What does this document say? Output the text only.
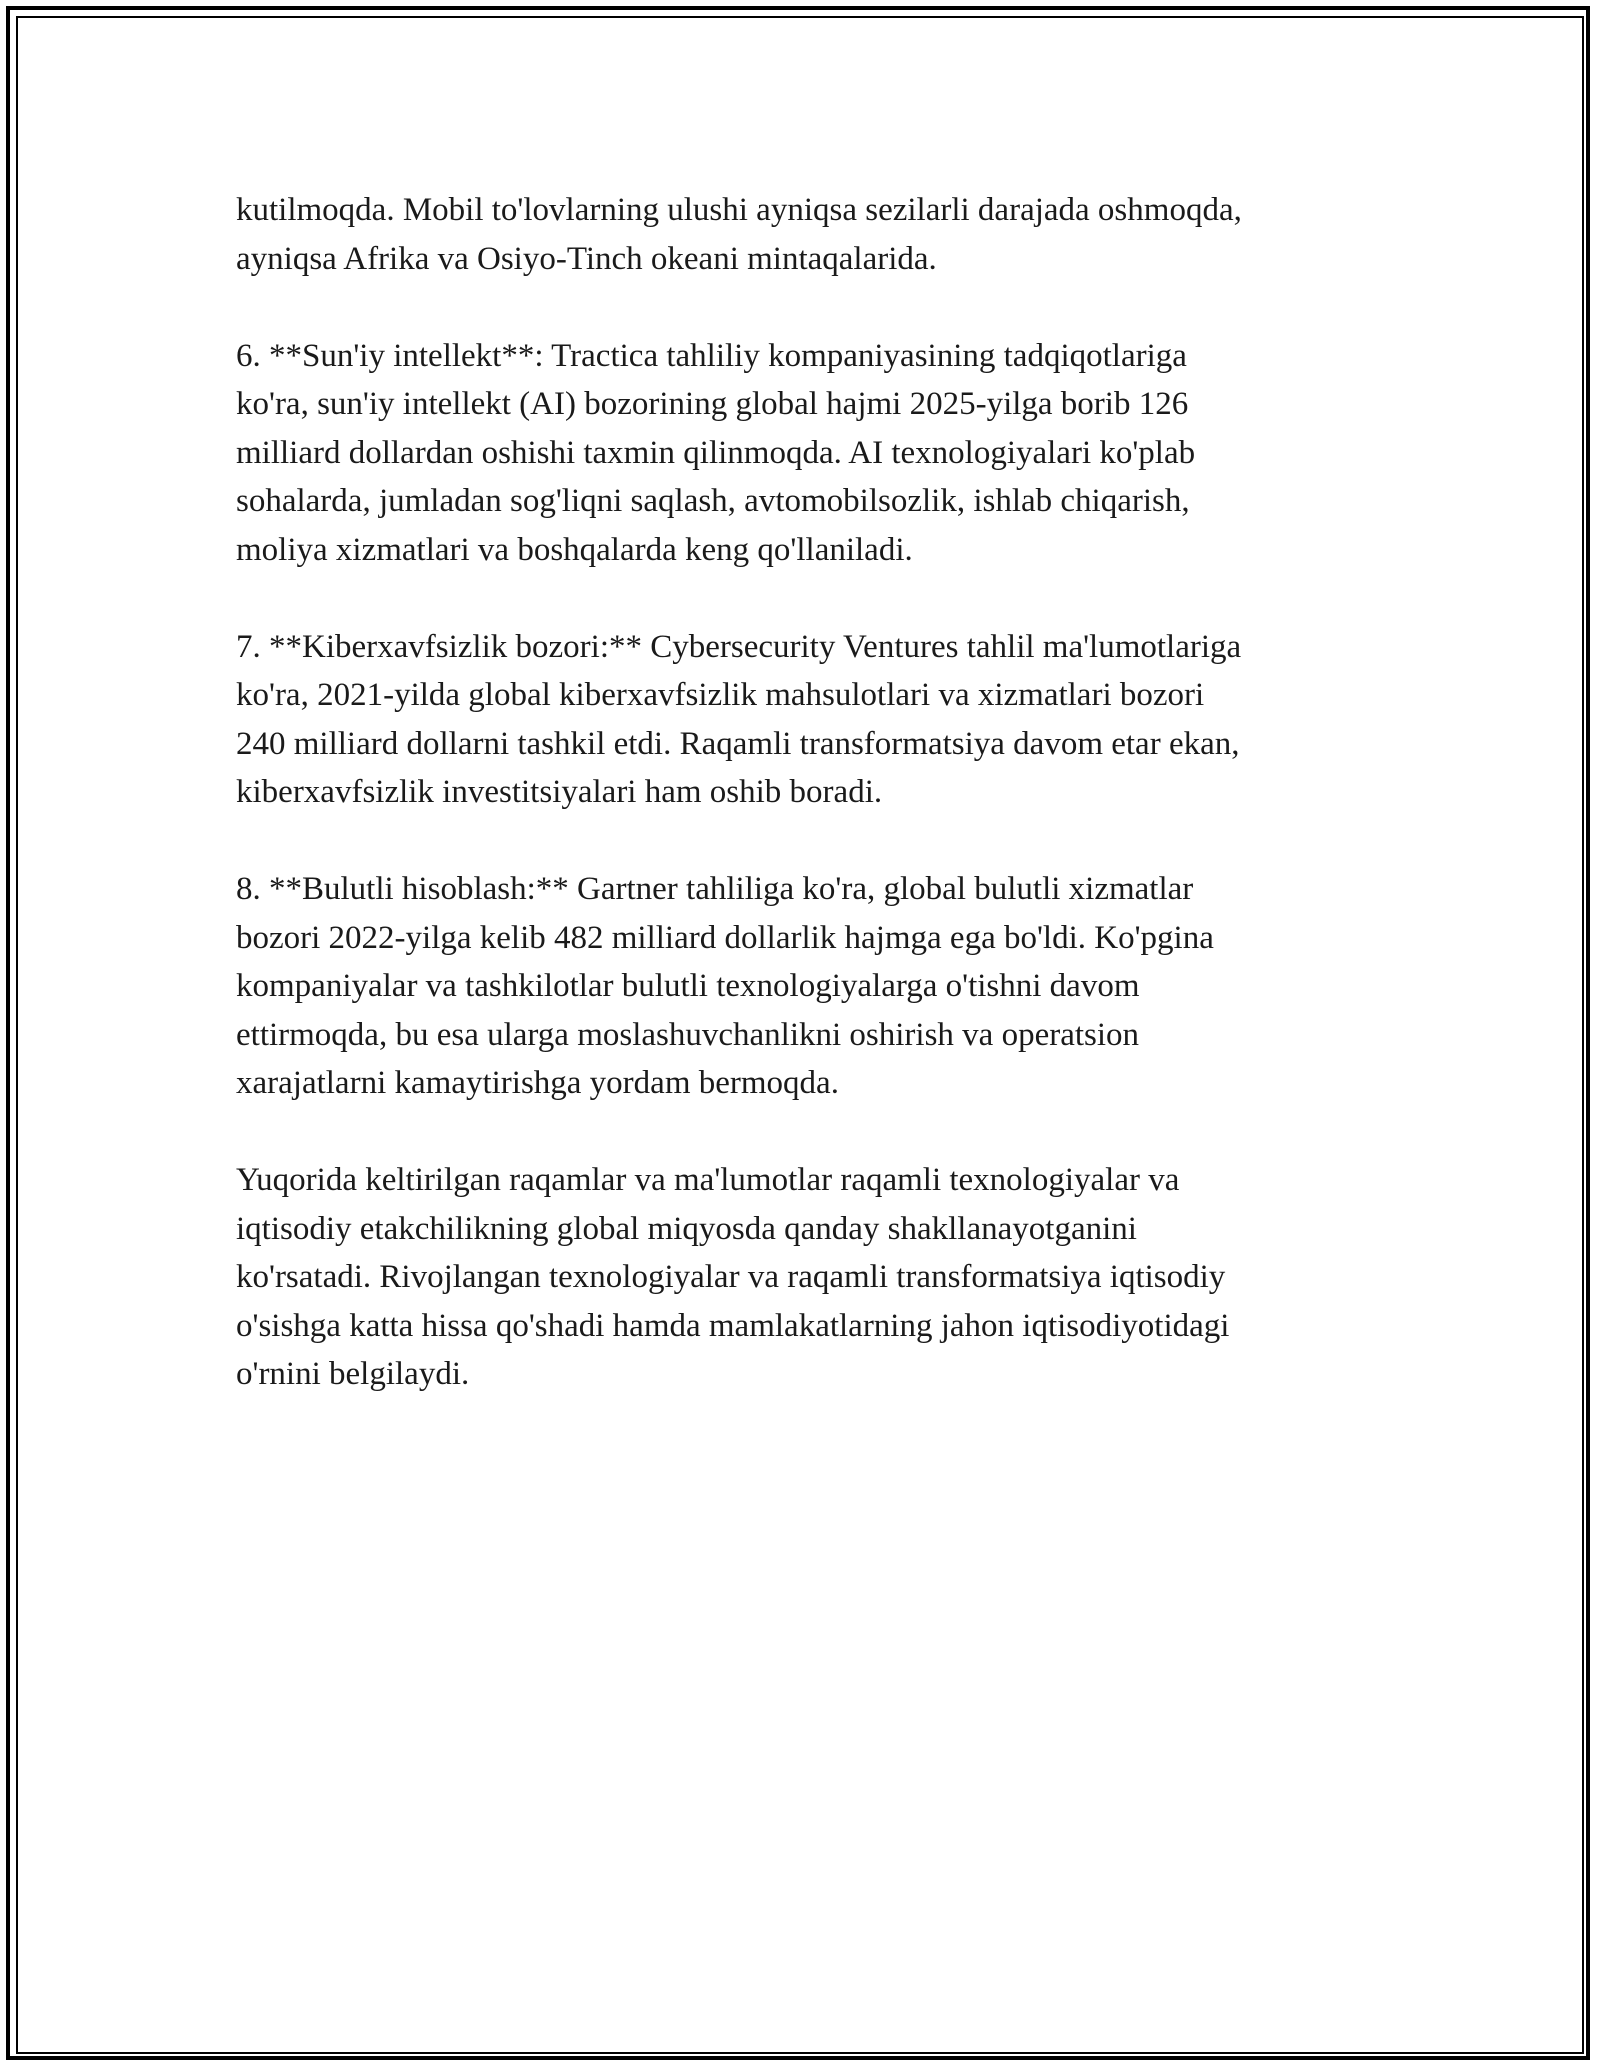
kutilmoqda. Mobil to'lovlarning ulushi ayniqsa sezilarli darajada oshmoqda,
ayniqsa Afrika va Osiyo-Tinch okeani mintaqalarida.

6. **Sun'iy intellekt**: Tractica tahliliy kompaniyasining tadqiqotlariga
ko'ra, sun'iy intellekt (AI) bozorining global hajmi 2025-yilga borib 126
milliard dollardan oshishi taxmin qilinmoqda. AI texnologiyalari ko'plab
sohalarda, jumladan sog'liqni saqlash, avtomobilsozlik, ishlab chiqarish,
moliya xizmatlari va boshqalarda keng qo'llaniladi.

7. **Kiberxavfsizlik bozori:** Cybersecurity Ventures tahlil ma'lumotlariga
ko'ra, 2021-yilda global kiberxavfsizlik mahsulotlari va xizmatlari bozori
240 milliard dollarni tashkil etdi. Raqamli transformatsiya davom etar ekan,
kiberxavfsizlik investitsiyalari ham oshib boradi.

8. **Bulutli hisoblash:** Gartner tahliliga ko'ra, global bulutli xizmatlar
bozori 2022-yilga kelib 482 milliard dollarlik hajmga ega bo'ldi. Ko'pgina
kompaniyalar va tashkilotlar bulutli texnologiyalarga o'tishni davom
ettirmoqda, bu esa ularga moslashuvchanlikni oshirish va operatsion
xarajatlarni kamaytirishga yordam bermoqda.

Yuqorida keltirilgan raqamlar va ma'lumotlar raqamli texnologiyalar va
iqtisodiy etakchilikning global miqyosda qanday shakllanayotganini
ko'rsatadi. Rivojlangan texnologiyalar va raqamli transformatsiya iqtisodiy
o'sishga katta hissa qo'shadi hamda mamlakatlarning jahon iqtisodiyotidagi
o'rnini belgilaydi.
